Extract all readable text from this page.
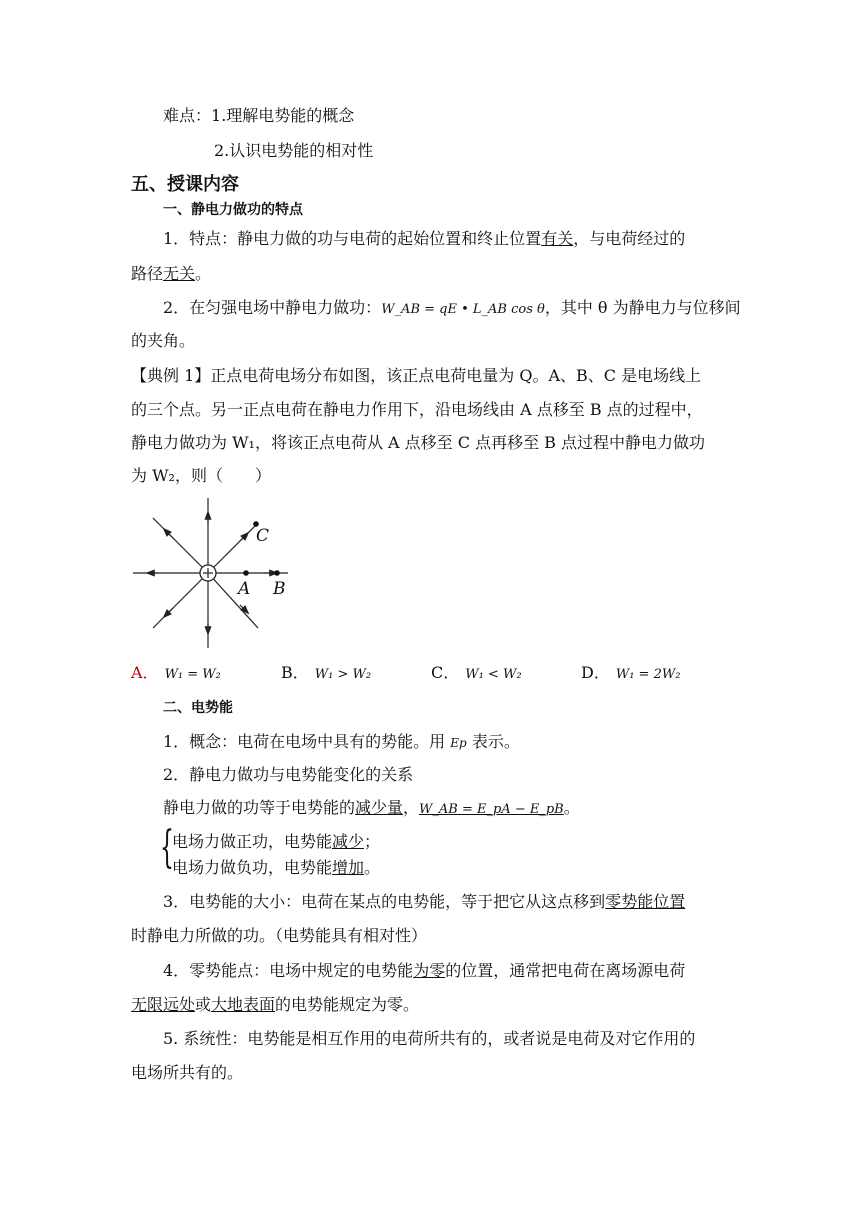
难点：1.理解电势能的概念
2.认识电势能的相对性
五、授课内容
一、静电力做功的特点
1．特点：静电力做的功与电荷的起始位置和终止位置有关，与电荷经过的
路径无关。
2．在匀强电场中静电力做功：W_AB = qE • L_AB cos θ，其中 θ 为静电力与位移间
的夹角。
【典例 1】正点电荷电场分布如图，该正点电荷电量为 Q。A、B、C 是电场线上
的三个点。另一正点电荷在静电力作用下，沿电场线由 A 点移至 B 点的过程中，
静电力做功为 W₁，将该正点电荷从 A 点移至 C 点再移至 B 点过程中静电力做功
为 W₂，则（　　）
A B
C
A． W₁ = W₂	B． W₁ > W₂	C． W₁ < W₂	D． W₁ = 2W₂
二、电势能
1．概念：电荷在电场中具有的势能。用 Ep 表示。
2．静电力做功与电势能变化的关系
静电力做的功等于电势能的减少量，W_AB = E_pA − E_pB。
{
电场力做正功，电势能减少；
电场力做负功，电势能增加。
3．电势能的大小：电荷在某点的电势能，等于把它从这点移到零势能位置
时静电力所做的功。（电势能具有相对性）
4．零势能点：电场中规定的电势能为零的位置，通常把电荷在离场源电荷
无限远处或大地表面的电势能规定为零。
5. 系统性：电势能是相互作用的电荷所共有的，或者说是电荷及对它作用的
电场所共有的。
